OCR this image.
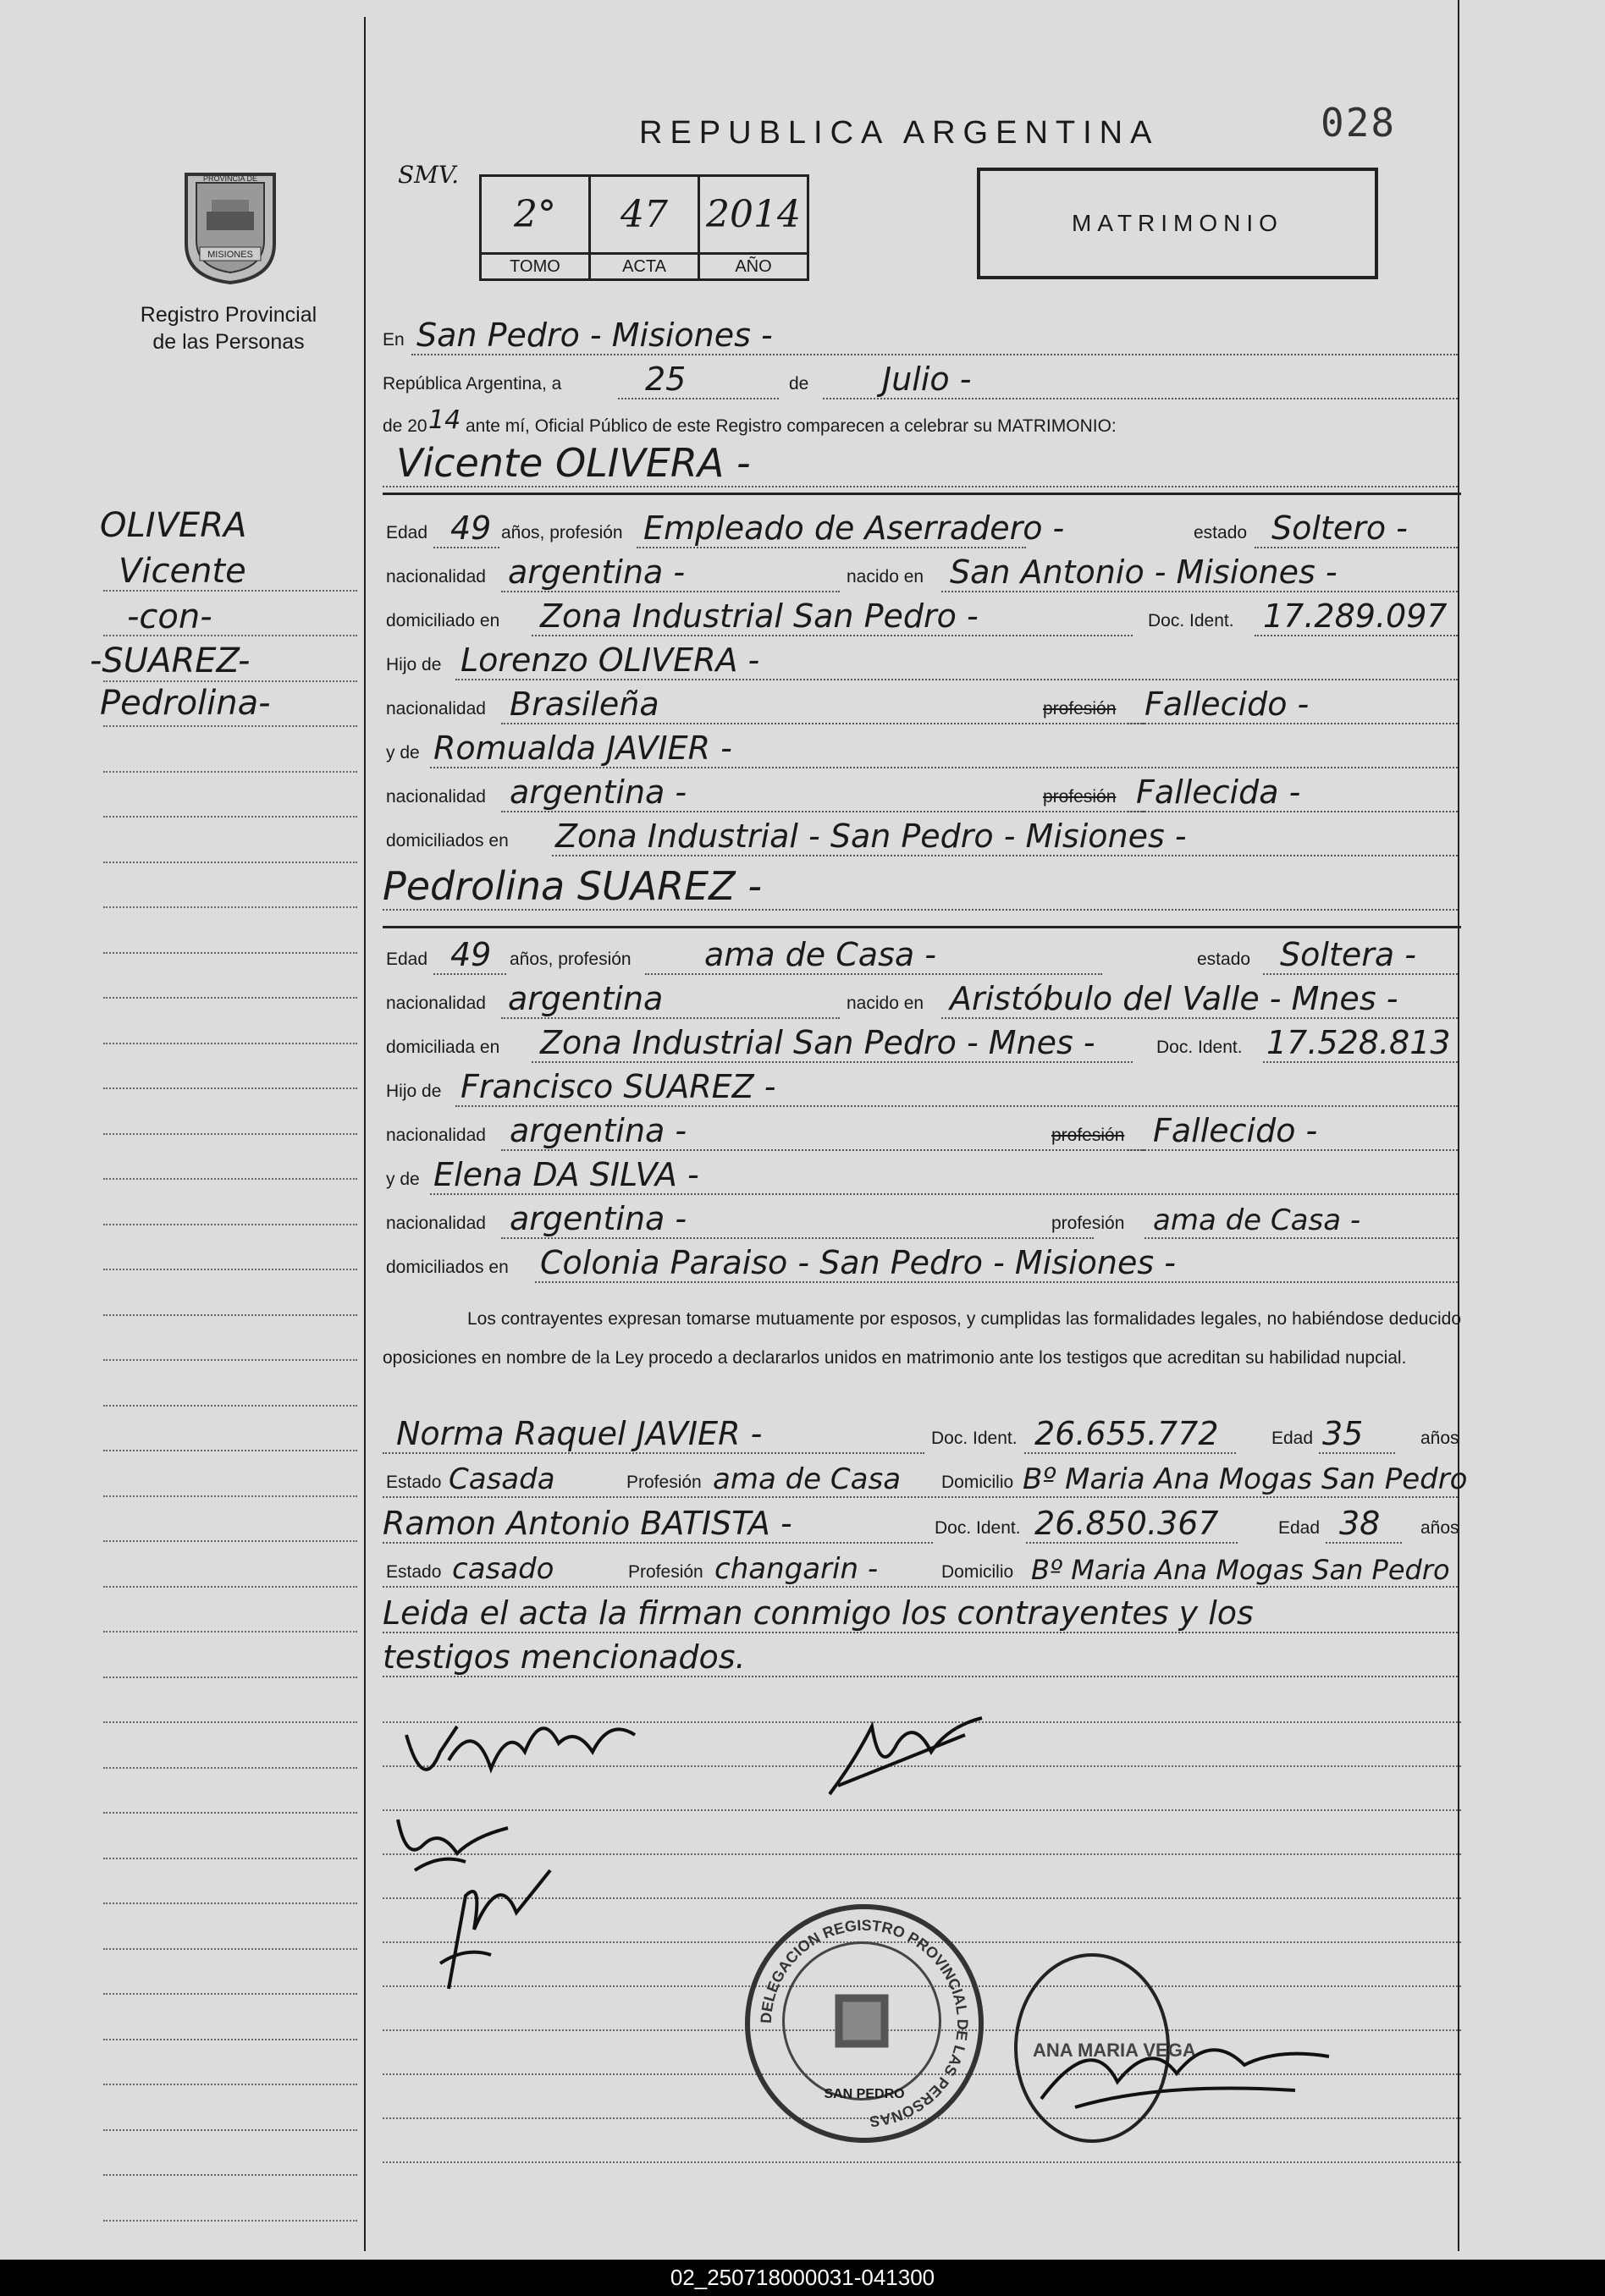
028
REPUBLICA ARGENTINA
SMV.
PROVINCIA DE
MISIONES
Registro Provincial
de las Personas
2°
TOMO
47
ACTA
2014
AÑO
MATRIMONIO
OLIVERA
Vicente
-con-
-SUAREZ-
Pedrolina-
En San Pedro - Misiones -
República Argentina, a	25	de Julio -
de 20 14 ante mí, Oficial Público de este Registro comparecen a celebrar su MATRIMONIO:
Vicente OLIVERA -
Edad 49 años, profesión Empleado de Aserradero -	estado Soltero -
nacionalidad argentina -	nacido en San Antonio - Misiones -
domiciliado en Zona Industrial San Pedro -	Doc. Ident. 17.289.097
Hijo de Lorenzo OLIVERA -
nacionalidad Brasileña	profesión Fallecido -
y de Romualda JAVIER -
nacionalidad argentina -	profesión Fallecida -
domiciliados en Zona Industrial - San Pedro - Misiones -
Pedrolina SUAREZ -
Edad 49 años, profesión ama de Casa -	estado Soltera -
nacionalidad argentina	nacido en Aristóbulo del Valle - Mnes -
domiciliada en Zona Industrial San Pedro - Mnes -	Doc. Ident. 17.528.813
Hijo de Francisco SUAREZ -
nacionalidad argentina -	profesión Fallecido -
y de Elena DA SILVA -
nacionalidad argentina -	profesión ama de Casa -
domiciliados en Colonia Paraiso - San Pedro - Misiones -
Los contrayentes expresan tomarse mutuamente por esposos, y cumplidas las formalidades legales, no habiéndose deducido oposiciones en nombre de la Ley procedo a declararlos unidos en matrimonio ante los testigos que acreditan su habilidad nupcial.
Norma Raquel JAVIER -	Doc. Ident. 26.655.772	Edad 35	años
Estado Casada	Profesión ama de Casa Domicilio Bº Maria Ana Mogas San Pedro
Ramon Antonio BATISTA -	Doc. Ident. 26.850.367	Edad 38 años
Estado casado	Profesión changarin -	Domicilio Bº Maria Ana Mogas San Pedro
Leida el acta la firman conmigo los contrayentes y los
testigos mencionados.
DELEGACION REGISTRO PROVINCIAL DE LAS PERSONAS
SAN PEDRO
ANA MARIA VEGA
02_250718000031-041300
